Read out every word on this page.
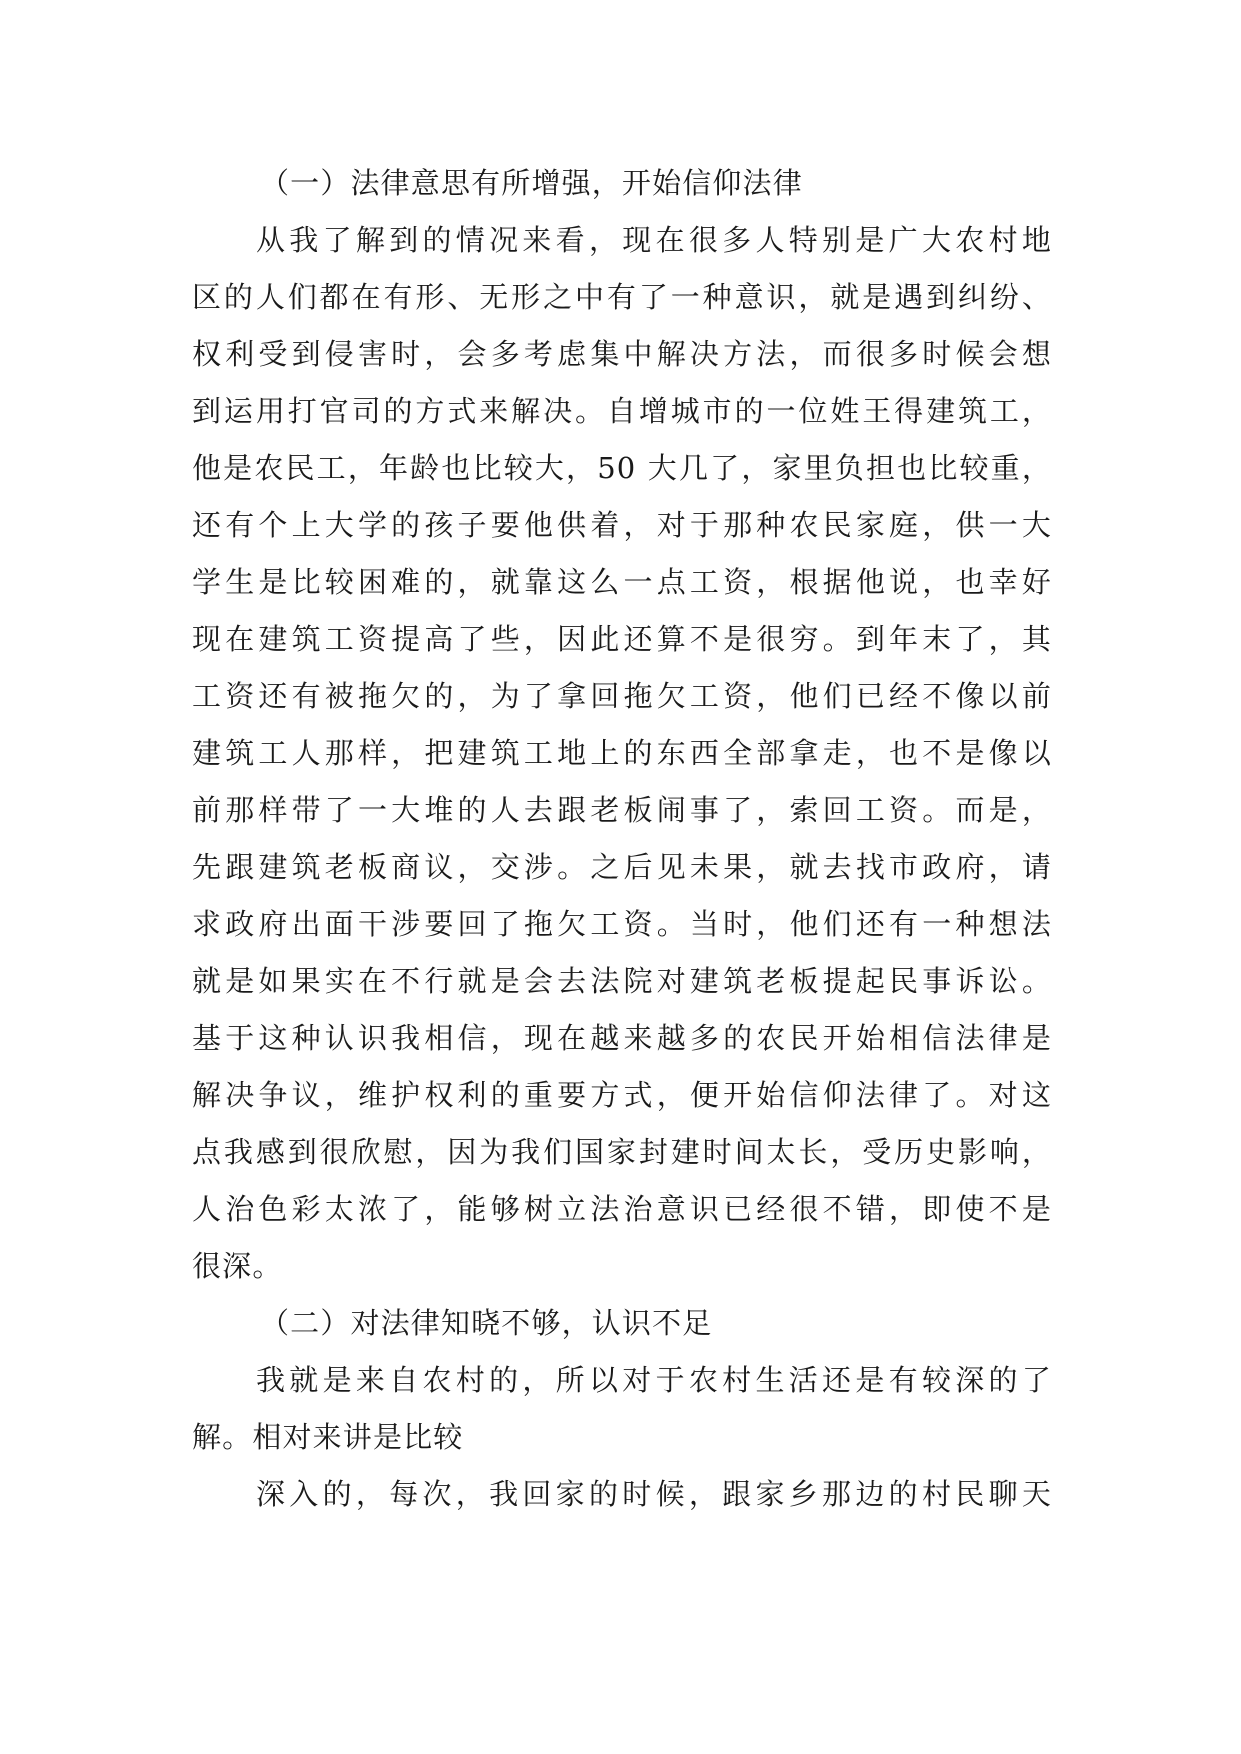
（一）法律意思有所增强，开始信仰法律
从我了解到的情况来看，现在很多人特别是广大农村地
区的人们都在有形、无形之中有了一种意识，就是遇到纠纷、
权利受到侵害时，会多考虑集中解决方法，而很多时候会想
到运用打官司的方式来解决。自增城市的一位姓王得建筑工，
他是农民工，年龄也比较大，50 大几了，家里负担也比较重，
还有个上大学的孩子要他供着，对于那种农民家庭，供一大
学生是比较困难的，就靠这么一点工资，根据他说，也幸好
现在建筑工资提高了些，因此还算不是很穷。到年末了，其
工资还有被拖欠的，为了拿回拖欠工资，他们已经不像以前
建筑工人那样，把建筑工地上的东西全部拿走，也不是像以
前那样带了一大堆的人去跟老板闹事了，索回工资。而是，
先跟建筑老板商议，交涉。之后见未果，就去找市政府，请
求政府出面干涉要回了拖欠工资。当时，他们还有一种想法
就是如果实在不行就是会去法院对建筑老板提起民事诉讼。
基于这种认识我相信，现在越来越多的农民开始相信法律是
解决争议，维护权利的重要方式，便开始信仰法律了。对这
点我感到很欣慰，因为我们国家封建时间太长，受历史影响，
人治色彩太浓了，能够树立法治意识已经很不错，即使不是
很深。
（二）对法律知晓不够，认识不足
我就是来自农村的，所以对于农村生活还是有较深的了
解。相对来讲是比较
深入的，每次，我回家的时候，跟家乡那边的村民聊天
